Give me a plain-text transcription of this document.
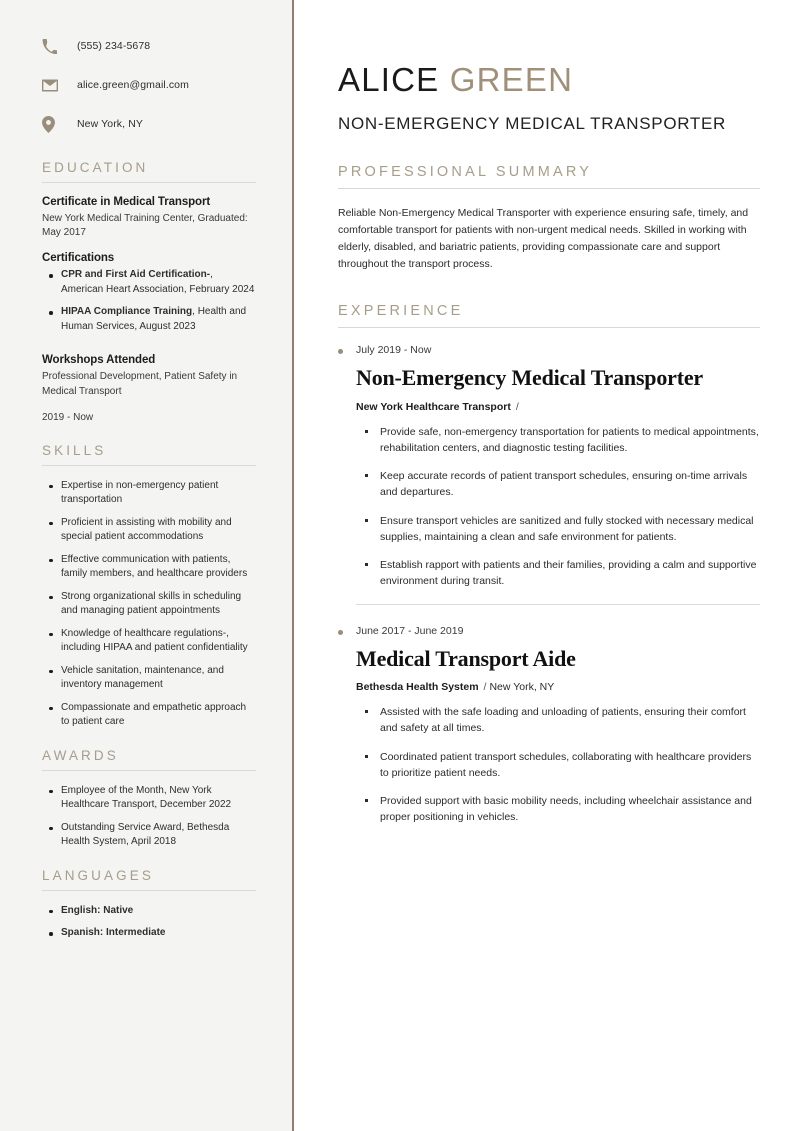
(555) 234-5678
alice.green@gmail.com
New York, NY
EDUCATION
Certificate in Medical Transport
New York Medical Training Center, Graduated: May 2017
Certifications
CPR and First Aid Certification-, American Heart Association, February 2024
HIPAA Compliance Training, Health and Human Services, August 2023
Workshops Attended
Professional Development, Patient Safety in Medical Transport
2019 - Now
SKILLS
Expertise in non-emergency patient transportation
Proficient in assisting with mobility and special patient accommodations
Effective communication with patients, family members, and healthcare providers
Strong organizational skills in scheduling and managing patient appointments
Knowledge of healthcare regulations-, including HIPAA and patient confidentiality
Vehicle sanitation, maintenance, and inventory management
Compassionate and empathetic approach to patient care
AWARDS
Employee of the Month, New York Healthcare Transport, December 2022
Outstanding Service Award, Bethesda Health System, April 2018
LANGUAGES
English: Native
Spanish: Intermediate
ALICE GREEN
NON-EMERGENCY MEDICAL TRANSPORTER
PROFESSIONAL SUMMARY

Reliable Non-Emergency Medical Transporter with experience ensuring safe, timely, and comfortable transport for patients with non-urgent medical needs. Skilled in working with elderly, disabled, and bariatric patients, providing compassionate care and support throughout the transport process.

EXPERIENCE
July 2019 - Now
Non-Emergency Medical Transporter
New York Healthcare Transport /
Provide safe, non-emergency transportation for patients to medical appointments, rehabilitation centers, and diagnostic testing facilities.
Keep accurate records of patient transport schedules, ensuring on-time arrivals and departures.
Ensure transport vehicles are sanitized and fully stocked with necessary medical supplies, maintaining a clean and safe environment for patients.
Establish rapport with patients and their families, providing a calm and supportive environment during transit.
June 2017 - June 2019
Medical Transport Aide
Bethesda Health System / New York, NY
Assisted with the safe loading and unloading of patients, ensuring their comfort and safety at all times.
Coordinated patient transport schedules, collaborating with healthcare providers to prioritize patient needs.
Provided support with basic mobility needs, including wheelchair assistance and proper positioning in vehicles.
